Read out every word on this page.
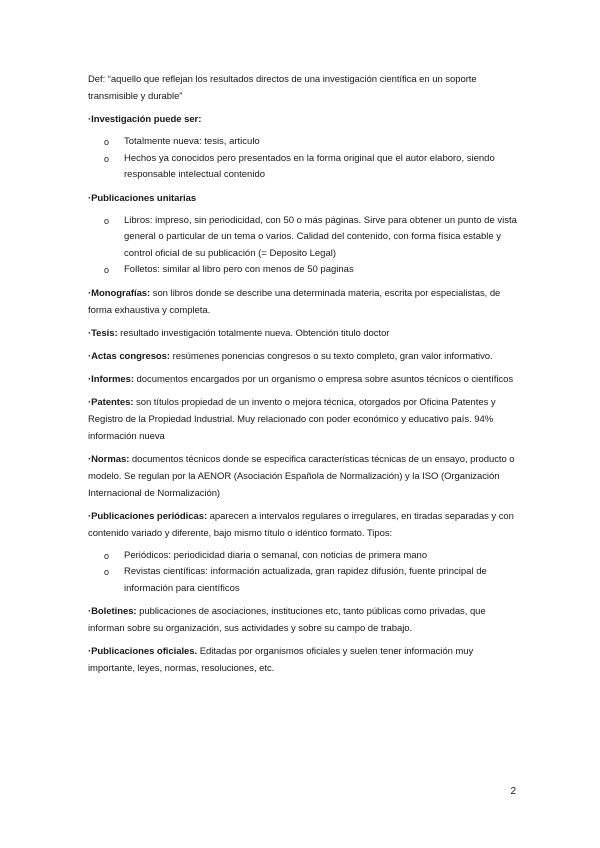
Def: “aquello que reflejan los resultados directos de una investigación científica en un soporte transmisible y durable”

·Investigación puede ser:

o Totalmente nueva: tesis, articulo
o Hechos ya conocidos pero presentados en la forma original que el autor elaboro, siendo responsable intelectual contenido

·Publicaciones unitarias

o Libros: impreso, sin periodicidad, con 50 o más páginas. Sirve para obtener un punto de vista general o particular de un tema o varios. Calidad del contenido, con forma física estable y control oficial de su publicación (= Deposito Legal)
o Folletos: similar al libro pero con menos de 50 paginas

·Monografías: son libros donde se describe una determinada materia, escrita por especialistas, de forma exhaustiva y completa.

·Tesis: resultado investigación totalmente nueva. Obtención titulo doctor

·Actas congresos: resúmenes ponencias congresos o su texto completo, gran valor informativo.

·Informes: documentos encargados por un organismo o empresa sobre asuntos técnicos o científicos

·Patentes: son títulos propiedad de un invento o mejora técnica, otorgados por Oficina Patentes y Registro de la Propiedad Industrial. Muy relacionado con poder económico y educativo país. 94% información nueva

·Normas: documentos técnicos donde se especifica características técnicas de un ensayo, producto o modelo. Se regulan por la AENOR (Asociación Española de Normalización) y la ISO (Organización Internacional de Normalización)

·Publicaciones periódicas: aparecen a intervalos regulares o irregulares, en tiradas separadas y con contenido variado y diferente, bajo mismo título o idéntico formato. Tipos:

o Periódicos: periodicidad diaria o semanal, con noticias de primera mano
o Revistas científicas: información actualizada, gran rapidez difusión, fuente principal de información para científicos

·Boletines: publicaciones de asociaciones, instituciones etc, tanto públicas como privadas, que informan sobre su organización, sus actividades y sobre su campo de trabajo.

·Publicaciones oficiales. Editadas por organismos oficiales y suelen tener información muy importante, leyes, normas, resoluciones, etc.

2
